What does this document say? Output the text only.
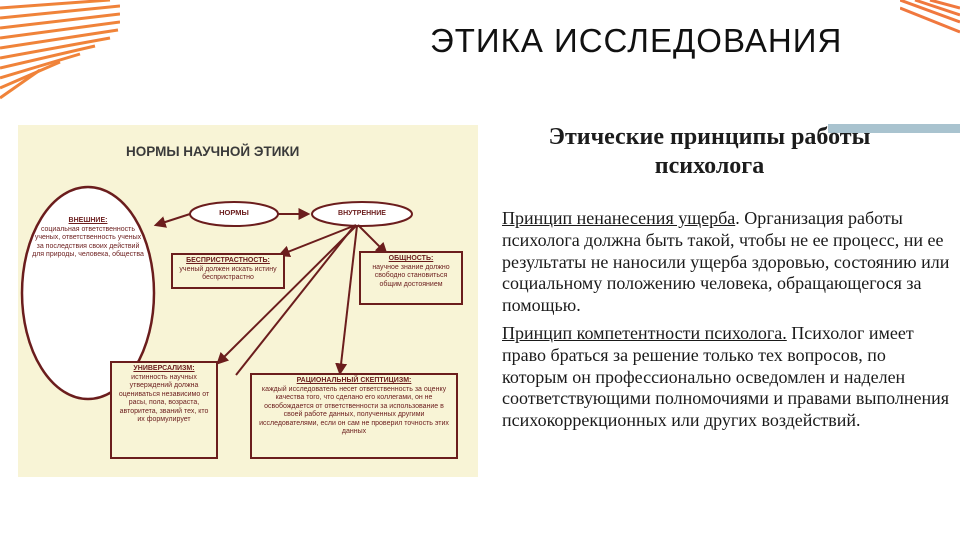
ЭТИКА ИССЛЕДОВАНИЯ
НОРМЫ НАУЧНОЙ ЭТИКИ
ВНЕШНИЕ:
социальная ответственность ученых, ответственность ученых за последствия своих действий для природы, человека, общества
НОРМЫ	ВНУТРЕННИЕ
БЕСПРИСТРАСТНОСТЬ:
ученый должен искать истину беспристрастно
ОБЩНОСТЬ:
научное знание должно свободно становиться общим достоянием
УНИВЕРСАЛИЗМ:
истинность научных утверждений должна оцениваться независимо от расы, пола, возраста, авторитета, званий тех, кто их формулирует
РАЦИОНАЛЬНЫЙ СКЕПТИЦИЗМ:
каждый исследователь несет ответственность за оценку качества того, что сделано его коллегами, он не освобождается от ответственности за использование в своей работе данных, полученных другими исследователями, если он сам не проверил точность этих данных
Этические принципы работы
психолога

Принцип ненанесения ущерба. Организация работы психолога должна быть такой, чтобы не ее процесс, ни ее результаты не наносили ущерба здоровью, состоянию или социальному положению человека, обращающегося за помощью.

Принцип компетентности психолога. Психолог имеет право браться за решение только тех вопросов, по которым он профессионально осведомлен и наделен соответствующими полномочиями и правами выполнения психокоррекционных или других воздействий.
